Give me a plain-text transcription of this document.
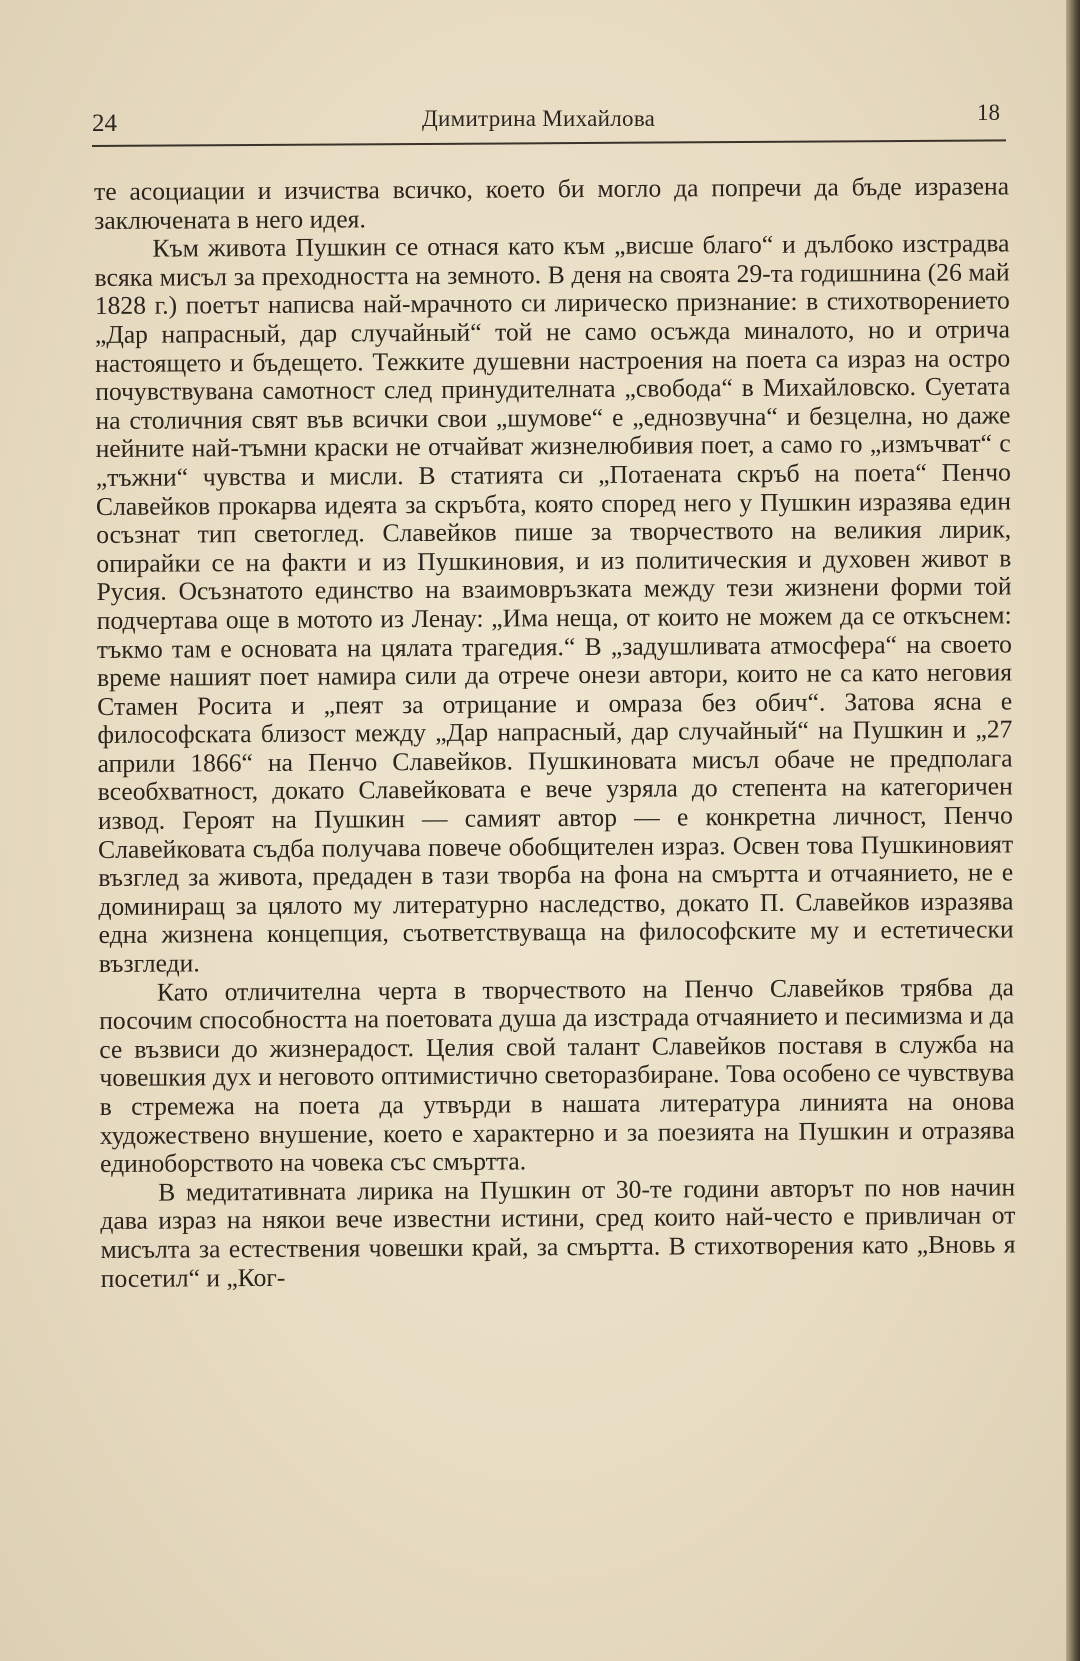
24	Димитрина Михайлова	18

те асоциации и изчиства всичко, което би могло да попречи да бъде изразена заключената в него идея.

Към живота Пушкин се отнася като към „висше благо“ и дълбоко изстрадва всяка мисъл за преходността на земното. В деня на своята 29-та годишнина (26 май 1828 г.) поетът написва най-мрачното си лирическо признание: в стихотворението „Дар напрасный, дар случайный“ той не само осъжда миналото, но и отрича настоящето и бъдещето. Тежките душевни настроения на поета са израз на остро почувствувана самотност след принудителната „свобода“ в Михайловско. Суетата на столичния свят във всички свои „шумове“ е „еднозвучна“ и безцелна, но даже нейните най-тъмни краски не отчайват жизнелюбивия поет, а само го „измъчват“ с „тъжни“ чувства и мисли. В статията си „Потаената скръб на поета“ Пенчо Славейков прокарва идеята за скръбта, която според него у Пушкин изразява един осъзнат тип светоглед. Славейков пише за творчеството на великия лирик, опирайки се на факти и из Пушкиновия, и из политическия и духовен живот в Русия. Осъзнатото единство на взаимовръзката между тези жизнени форми той подчертава още в мотото из Ленау: „Има неща, от които не можем да се откъснем: тъкмо там е основата на цялата трагедия.“ В „задушливата атмосфера“ на своето време нашият поет намира сили да отрече онези автори, които не са като неговия Стамен Росита и „пеят за отрицание и омраза без обич“. Затова ясна е философската близост между „Дар напрасный, дар случайный“ на Пушкин и „27 априли 1866“ на Пенчо Славейков. Пушкиновата мисъл обаче не предполага всеобхватност, докато Славейковата е вече узряла до степента на категоричен извод. Героят на Пушкин — самият автор — е конкретна личност, Пенчо Славейковата съдба получава повече обобщителен израз. Освен това Пушкиновият възглед за живота, предаден в тази творба на фона на смъртта и отчаянието, не е доминиращ за цялото му литературно наследство, докато П. Славейков изразява една жизнена концепция, съответствуваща на философските му и естетически възгледи.

Като отличителна черта в творчеството на Пенчо Славейков трябва да посочим способността на поетовата душа да изстрада отчаянието и песимизма и да се възвиси до жизнерадост. Целия свой талант Славейков поставя в служба на човешкия дух и неговото оптимистично светоразбиране. Това особено се чувствува в стремежа на поета да утвърди в нашата литература линията на онова художествено внушение, което е характерно и за поезията на Пушкин и отразява единоборството на човека със смъртта.

В медитативната лирика на Пушкин от 30-те години авторът по нов начин дава израз на някои вече известни истини, сред които най-често е привличан от мисълта за естествения човешки край, за смъртта. В стихотворения като „Вновь я посетил“ и „Ког-
